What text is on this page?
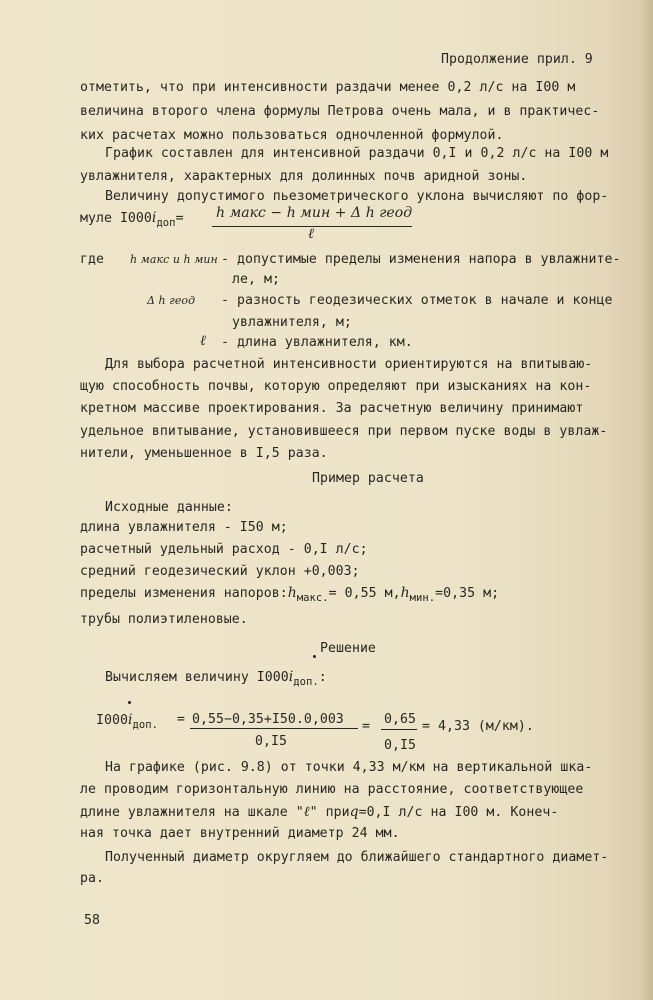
Продолжение прил. 9
отметить, что при интенсивности раздачи менее 0,2 л/с на I00 м
величина второго члена формулы Петрова очень мала, и в практичес-
ких расчетах можно пользоваться одночленной формулой.
График составлен для интенсивной раздачи 0,I и 0,2 л/с на I00 м
увлажнителя, характерных для долинных почв аридной зоны.
Величину допустимого пьезометрического уклона вычисляют по фор-
муле $I000i_{доп}= h$ макс − h мин + Δ h геод
ℓ
где h макс и h мин - допустимые пределы изменения напора в увлажните-
ле, м;
Δ h геод - разность геодезических отметок в начале и конце
увлажнителя, м;
ℓ - длина увлажнителя, км.
Для выбора расчетной интенсивности ориентируются на впитываю-
щую способность почвы, которую определяют при изысканиях на кон-
кретном массиве проектирования. За расчетную величину принимают
удельное впитывание, установившееся при первом пуске воды в увлаж-
нители, уменьшенное в I,5 раза.
Пример расчета
Исходные данные:
длина увлажнителя - I50 м;
расчетный удельный расход - 0,I л/с;
средний геодезический уклон +0,003;
пределы изменения $напоров:h_{макс.}= 0,55$ $м,h_{мин.}=0,35$ м;
трубы полиэтиленовые.
Решение
Вычисляем величину $I000i_{доп.}$:
$I000i_{доп.} = 0,55-0,35+I50.0,003$
0,I5
= 0,65
0,I5
= 4,33 (м/км).
На графике (рис. 9.8) от точки 4,33 м/км на вертикальной шка-
ле проводим горизонтальную линию на расстояние, соответствующее
длине увлажнителя на шкале "ℓ" приq=0,I л/с на I00 м. Конеч-
ная точка дает внутренний диаметр 24 мм.
Полученный диаметр округляем до ближайшего стандартного диамет-
ра.
58
